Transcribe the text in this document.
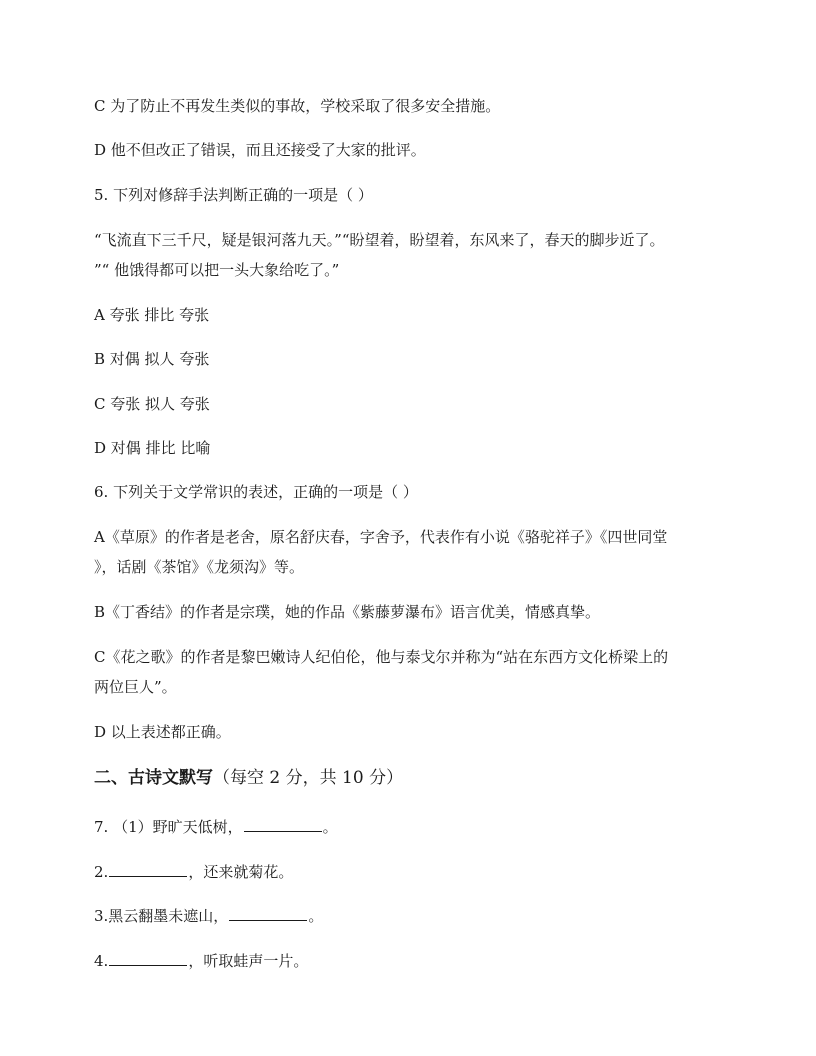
C 为了防止不再发生类似的事故，学校采取了很多安全措施。
D 他不但改正了错误，而且还接受了大家的批评。
5. 下列对修辞手法判断正确的一项是（ ）
“飞流直下三千尺，疑是银河落九天。”“盼望着，盼望着，东风来了，春天的脚步近了。
”“ 他饿得都可以把一头大象给吃了。”
A 夸张 排比 夸张
B 对偶 拟人 夸张
C 夸张 拟人 夸张
D 对偶 排比 比喻
6. 下列关于文学常识的表述，正确的一项是（ ）
A《草原》的作者是老舍，原名舒庆春，字舍予，代表作有小说《骆驼祥子》《四世同堂
》，话剧《茶馆》《龙须沟》等。
B《丁香结》的作者是宗璞，她的作品《紫藤萝瀑布》语言优美，情感真挚。
C《花之歌》的作者是黎巴嫩诗人纪伯伦，他与泰戈尔并称为“站在东西方文化桥梁上的
两位巨人”。
D 以上表述都正确。
二、古诗文默写（每空 2 分，共 10 分）
7. （1）野旷天低树，	。
2.	，还来就菊花。
3.黑云翻墨未遮山，	。
4.	，听取蛙声一片。
